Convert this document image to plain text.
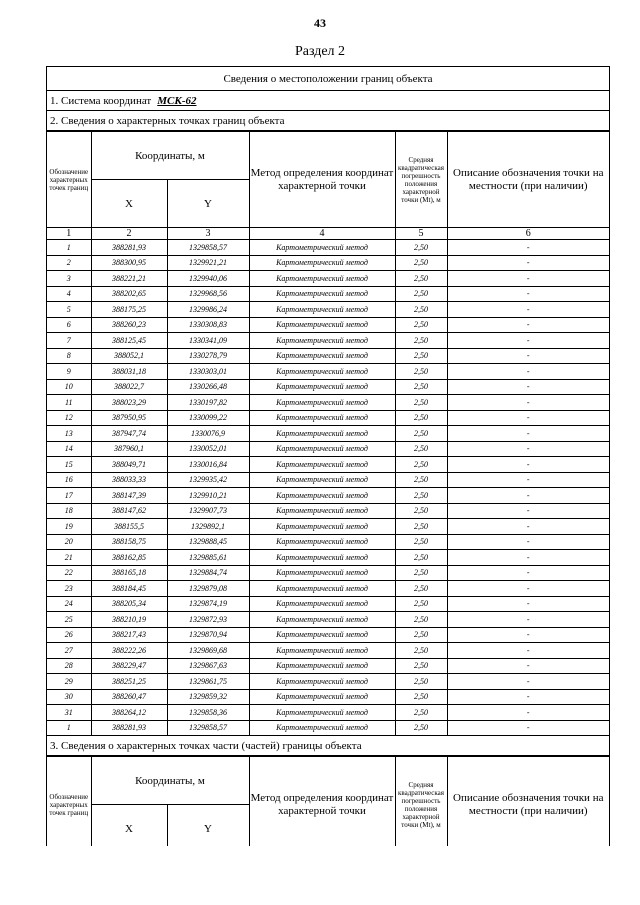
43
Раздел 2
Сведения о местоположении границ объекта
1. Система координат МСК-62
2. Сведения о характерных точках границ объекта
Обозначение характерных точек границ	Координаты, м		Метод определения координат характерной точки	Средняя квадратическая погрешность положения характерной точки (Mt), м	Описание обозначения точки на местности (при наличии)
	X	Y			
1	2	3	4	5	6
1	388281,93	1329858,57	Картометрический метод	2,50	-
2	388300,95	1329921,21	Картометрический метод	2,50	-
3	388221,21	1329940,06	Картометрический метод	2,50	-
4	388202,65	1329968,56	Картометрический метод	2,50	-
5	388175,25	1329986,24	Картометрический метод	2,50	-
6	388260,23	1330308,83	Картометрический метод	2,50	-
7	388125,45	1330341,09	Картометрический метод	2,50	-
8	388052,1	1330278,79	Картометрический метод	2,50	-
9	388031,18	1330303,01	Картометрический метод	2,50	-
10	388022,7	1330266,48	Картометрический метод	2,50	-
11	388023,29	1330197,82	Картометрический метод	2,50	-
12	387950,95	1330099,22	Картометрический метод	2,50	-
13	387947,74	1330076,9	Картометрический метод	2,50	-
14	387960,1	1330052,01	Картометрический метод	2,50	-
15	388049,71	1330016,84	Картометрический метод	2,50	-
16	388033,33	1329935,42	Картометрический метод	2,50	-
17	388147,39	1329910,21	Картометрический метод	2,50	-
18	388147,62	1329907,73	Картометрический метод	2,50	-
19	388155,5	1329892,1	Картометрический метод	2,50	-
20	388158,75	1329888,45	Картометрический метод	2,50	-
21	388162,85	1329885,61	Картометрический метод	2,50	-
22	388165,18	1329884,74	Картометрический метод	2,50	-
23	388184,45	1329879,08	Картометрический метод	2,50	-
24	388205,34	1329874,19	Картометрический метод	2,50	-
25	388210,19	1329872,93	Картометрический метод	2,50	-
26	388217,43	1329870,94	Картометрический метод	2,50	-
27	388222,26	1329869,68	Картометрический метод	2,50	-
28	388229,47	1329867,63	Картометрический метод	2,50	-
29	388251,25	1329861,75	Картометрический метод	2,50	-
30	388260,47	1329859,32	Картометрический метод	2,50	-
31	388264,12	1329858,36	Картометрический метод	2,50	-
1	388281,93	1329858,57	Картометрический метод	2,50	-
3. Сведения о характерных точках части (частей) границы объекта
Обозначение характерных точек границ	Координаты, м		Метод определения координат характерной точки	Средняя квадратическая погрешность положения характерной точки (Mt), м	Описание обозначения точки на местности (при наличии)
	X	Y			
